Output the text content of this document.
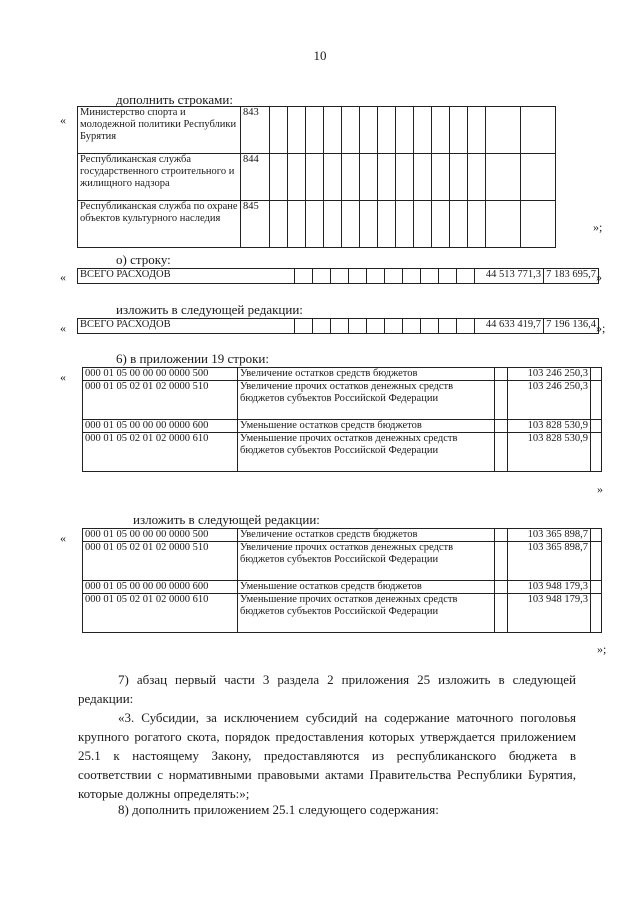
10
дополнить строками:
«
Министерство спорта и молодежной политики Республики Бурятия	843														
Республиканская служба государственного строительного и жилищного надзора	844														
Республиканская служба по охране объектов культурного наследия	845														
»;
о) строку:
« ВСЕГО РАСХОДОВ											44 513 771,3	7 183 695,7 »
изложить в следующей редакции:
« ВСЕГО РАСХОДОВ											44 633 419,7	7 196 136,4 »;
6) в приложении 19 строки:
« 000 01 05 00 00 00 0000 500	Увеличение остатков средств бюджетов		103 246 250,3	
000 01 05 02 01 02 0000 510	Увеличение прочих остатков денежных средств бюджетов субъектов Российской Федерации		103 246 250,3	
000 01 05 00 00 00 0000 600	Уменьшение остатков средств бюджетов		103 828 530,9	
000 01 05 02 01 02 0000 610	Уменьшение прочих остатков денежных средств бюджетов субъектов Российской Федерации		103 828 530,9	
»
изложить в следующей редакции:
« 000 01 05 00 00 00 0000 500	Увеличение остатков средств бюджетов		103 365 898,7	
000 01 05 02 01 02 0000 510	Увеличение прочих остатков денежных средств бюджетов субъектов Российской Федерации		103 365 898,7	
000 01 05 00 00 00 0000 600	Уменьшение остатков средств бюджетов		103 948 179,3	
000 01 05 02 01 02 0000 610	Уменьшение прочих остатков денежных средств бюджетов субъектов Российской Федерации		103 948 179,3	
»;
7) абзац первый части 3 раздела 2 приложения 25 изложить в следующей редакции:
«3. Субсидии, за исключением субсидий на содержание маточного поголовья крупного рогатого скота, порядок предоставления которых утверждается приложением 25.1 к настоящему Закону, предоставляются из республиканского бюджета в соответствии с нормативными правовыми актами Правительства Республики Бурятия, которые должны определять:»;
8) дополнить приложением 25.1 следующего содержания:
